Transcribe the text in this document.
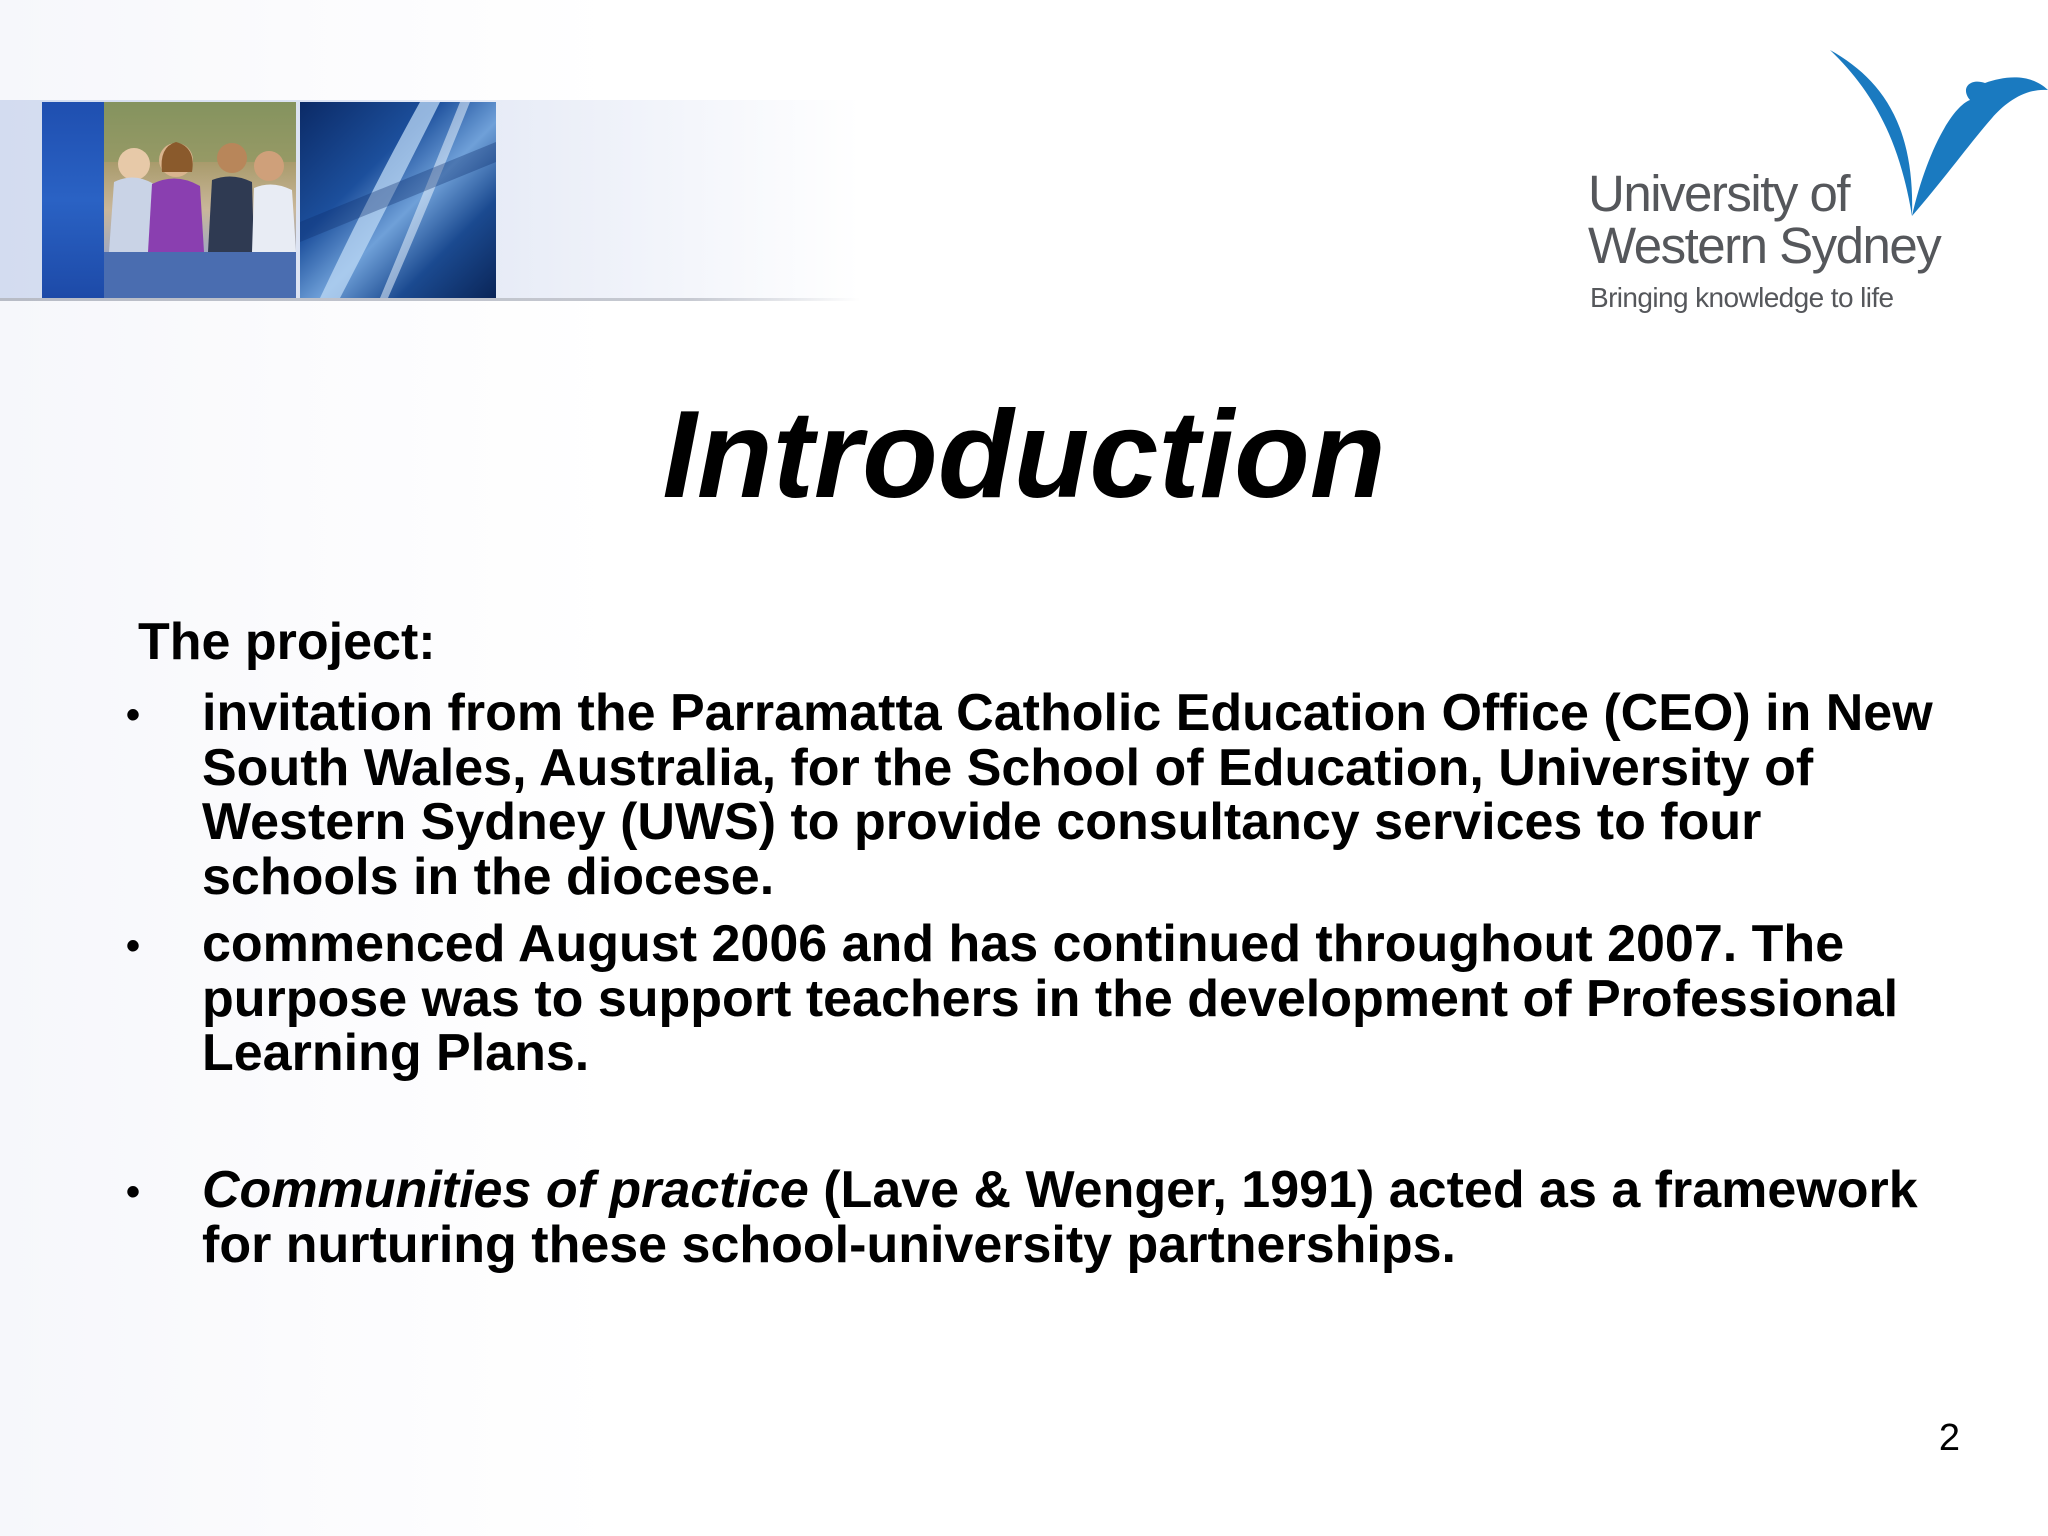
University of
Western Sydney
Bringing knowledge to life
Introduction
The project:
• invitation from the Parramatta Catholic Education Office (CEO) in New South Wales, Australia, for the School of Education, University of Western Sydney (UWS) to provide consultancy services to four schools in the diocese.
• commenced August 2006 and has continued throughout 2007. The purpose was to support teachers in the development of Professional Learning Plans.
• Communities of practice (Lave & Wenger, 1991) acted as a framework for nurturing these school-university partnerships.
2
